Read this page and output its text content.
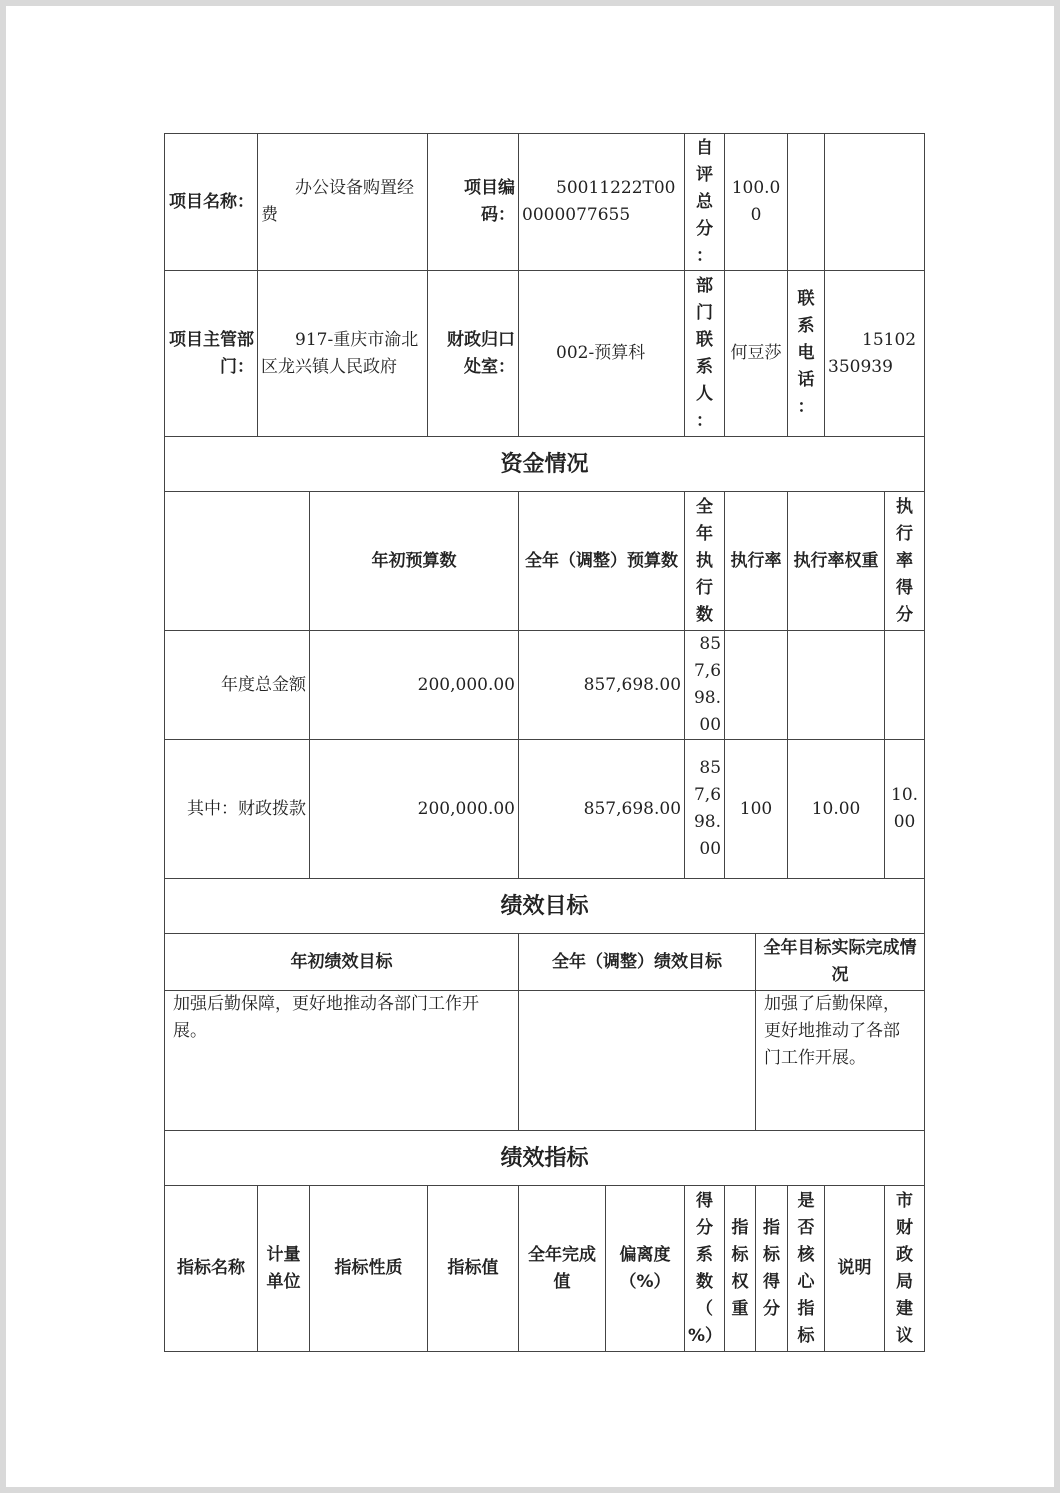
项目名称：	办公设备购置经费		项目编码：	50011222T000000077655		自评总分：	100.00				
项目主管部门：	917-重庆市渝北区龙兴镇人民政府		财政归口处室：	002-预算科		部门联系人：	何豆莎		联系电话：	15102350939	
资金情况											
		年初预算数		全年（调整）预算数		全年执行数	执行率		执行率权重		执行率得分
年度总金额		200,000.00		857,698.00		857,698.00					
其中：财政拨款		200,000.00		857,698.00		857,698.00	100		10.00		10.00
绩效目标											
年初绩效目标				全年（调整）绩效目标				全年目标实际完成情况			
加强后勤保障，更好地推动各部门工作开展。								加强了后勤保障，更好地推动了各部门工作开展。			
绩效指标											
指标名称	计量单位	指标性质	指标值	全年完成值	偏离度（%）	得分系数（%）	指标权重	指标得分	是否核心指标	说明	市财政局建议
